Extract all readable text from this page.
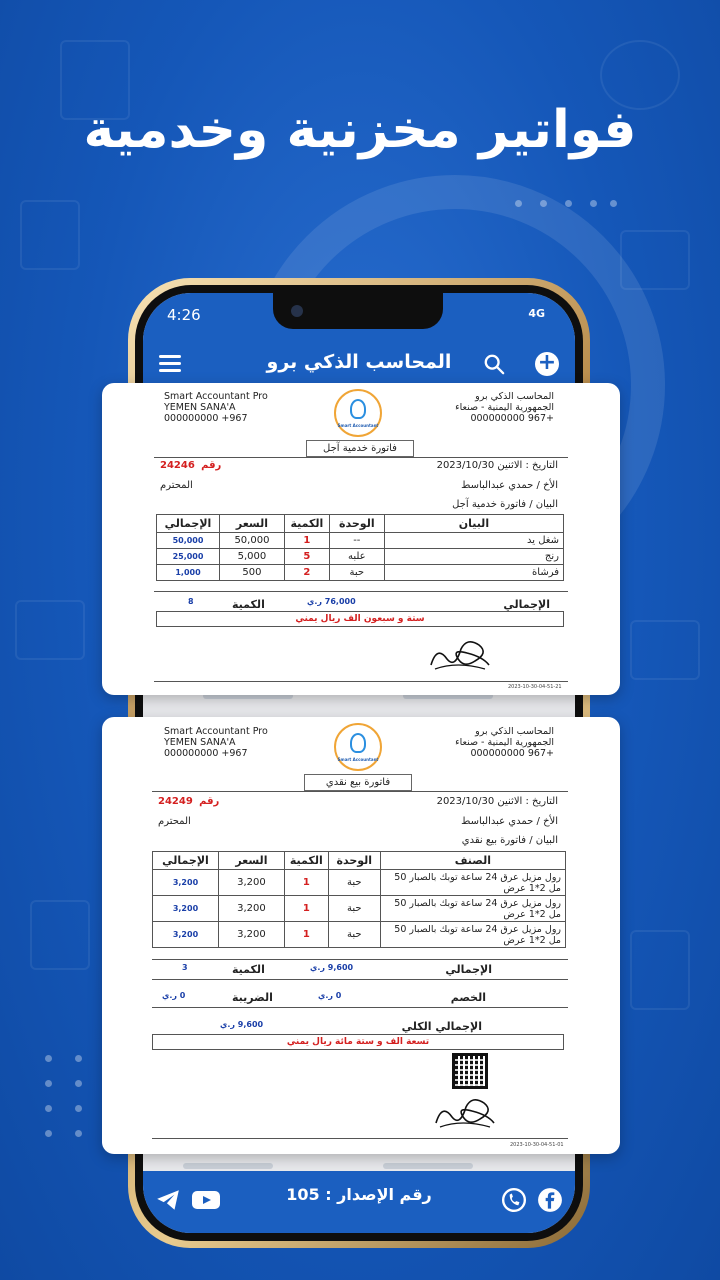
فواتير مخزنية وخدمية
4:26	4G
المحاسب الذكي برو	+
رقم الإصدار : 105
المحاسب الذكي برو
الجمهورية اليمنية - صنعاء
+967 000000000
Smart Accountant Pro
YEMEN SANA'A
000000000 +967
Smart Accountant
فاتورة خدمية آجل
التاريخ : الاثنين 2023/10/30
رقم  24246
الأخ / حمدي عبدالباسط
المحترم
البيان / فاتورة خدمية آجل
البيان	الوحدة	الكمية	السعر	الإجمالي
شغل يد	--	1	50,000	50,000
رنج	علبه	5	5,000	25,000
فرشاة	حبة	2	500	1,000
الإجمالي
76,000 ر.ي
الكمية
8
ستة و سبعون الف ريال يمني
2023-10-30-04-51-21
المحاسب الذكي برو
الجمهورية اليمنية - صنعاء
+967 000000000
Smart Accountant Pro
YEMEN SANA'A
000000000 +967
Smart Accountant
فاتورة بيع نقدي
التاريخ : الاثنين 2023/10/30
رقم  24249
الأخ / حمدي عبدالباسط
المحترم
البيان / فاتورة بيع نقدي
الصنف	الوحدة	الكمية	السعر	الإجمالي
رول مزيل عرق 24 ساعة توبك بالصبار 50 مل 2*1 عرض	حبة	1	3,200	3,200
رول مزيل عرق 24 ساعة توبك بالصبار 50 مل 2*1 عرض	حبة	1	3,200	3,200
رول مزيل عرق 24 ساعة توبك بالصبار 50 مل 2*1 عرض	حبة	1	3,200	3,200
الإجمالي
9,600 ر.ي
الكمية
3
الخصم
0 ر.ي
الضريبة
0 ر.ي
الإجمالي الكلي
9,600 ر.ي
تسعة الف و ستة مائة ريال يمني
2023-10-30-04-51-01
